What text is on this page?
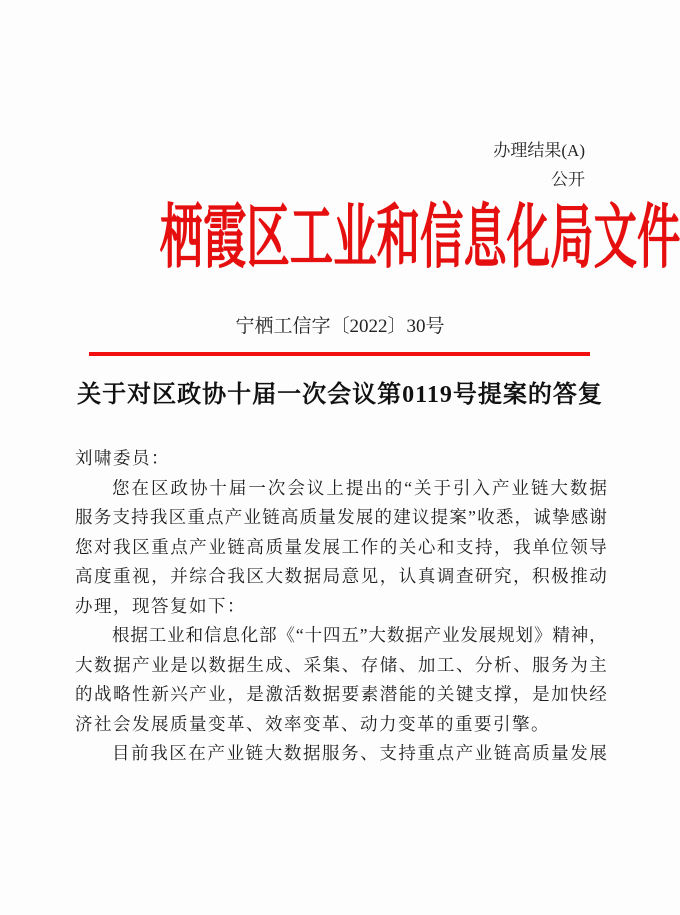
办理结果(A)
公开
栖霞区工业和信息化局文件
宁栖工信字〔2022〕30号
关于对区政协十届一次会议第0119号提案的答复
刘啸委员：
您 在 区 政 协 十 届 一 次 会 议 上 提 出 的 “ 关 于 引 入 产 业 链 大 数 据
服 务 支 持 我 区 重 点 产 业 链 高 质 量 发 展 的 建 议 提 案 ” 收 悉 ， 诚 挚 感 谢
您 对 我 区 重 点 产 业 链 高 质 量 发 展 工 作 的 关 心 和 支 持 ， 我 单 位 领 导
高 度 重 视 ， 并 综 合 我 区 大 数 据 局 意 见 ， 认 真 调 查 研 究 ， 积 极 推 动
办理，现答复如下：
根 据 工 业 和 信 息 化 部 《 “ 十 四 五 ” 大 数 据 产 业 发 展 规 划 》 精 神 ，
大 数 据 产 业 是 以 数 据 生 成 、 采 集 、 存 储 、 加 工 、 分 析 、 服 务 为 主
的 战 略 性 新 兴 产 业 ， 是 激 活 数 据 要 素 潜 能 的 关 键 支 撑 ， 是 加 快 经
济社会发展质量变革、效率变革、动力变革的重要引擎。
目 前 我 区 在 产 业 链 大 数 据 服 务 、 支 持 重 点 产 业 链 高 质 量 发 展
